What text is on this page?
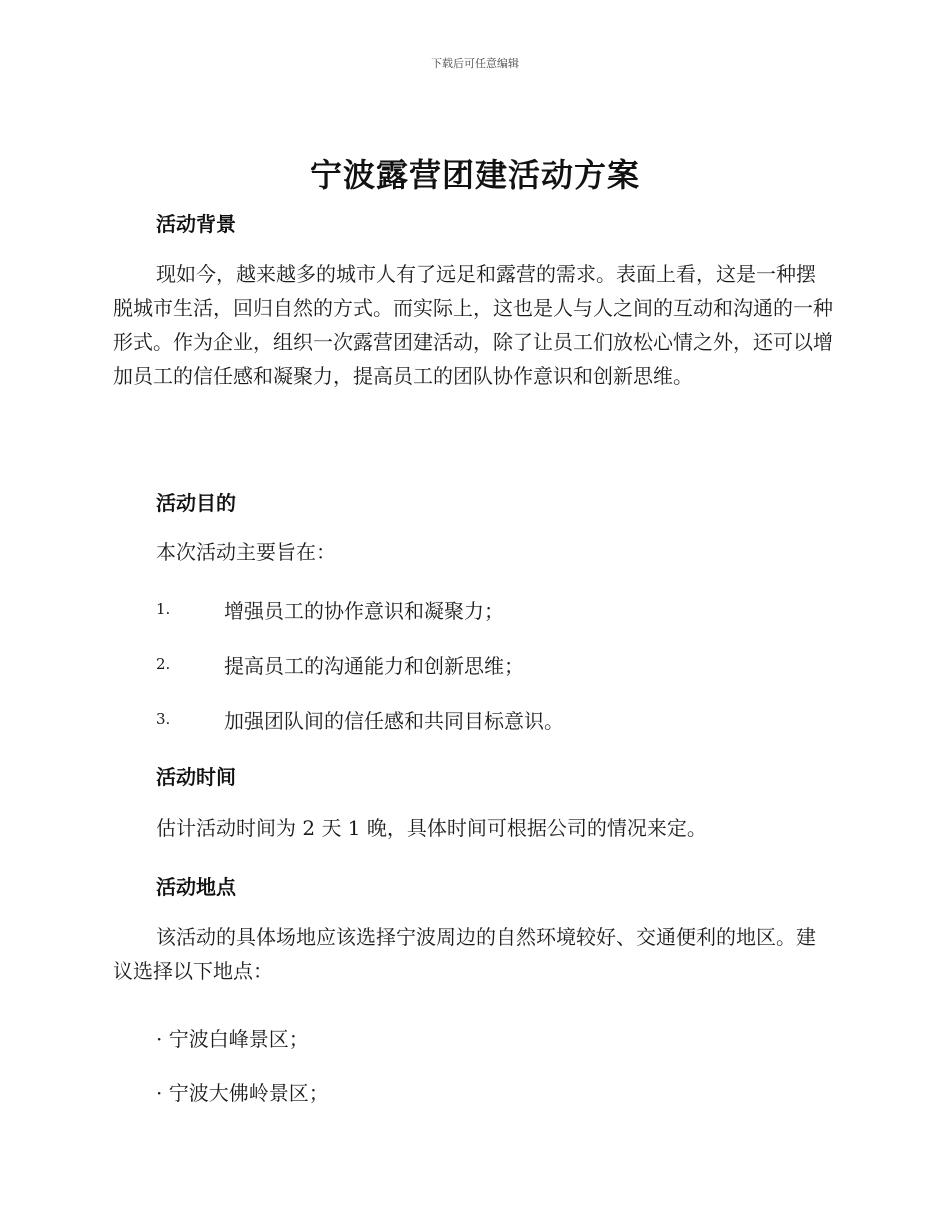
下载后可任意编辑
宁波露营团建活动方案
活动背景
现如今，越来越多的城市人有了远足和露营的需求。表面上看，这是一种摆脱城市生活，回归自然的方式。而实际上，这也是人与人之间的互动和沟通的一种形式。作为企业，组织一次露营团建活动，除了让员工们放松心情之外，还可以增加员工的信任感和凝聚力，提高员工的团队协作意识和创新思维。
活动目的
本次活动主要旨在：
1.	增强员工的协作意识和凝聚力；
2.	提高员工的沟通能力和创新思维；
3.	加强团队间的信任感和共同目标意识。
活动时间
估计活动时间为 2 天 1 晚，具体时间可根据公司的情况来定。
活动地点
该活动的具体场地应该选择宁波周边的自然环境较好、交通便利的地区。建议选择以下地点：
· 宁波白峰景区；
· 宁波大佛岭景区；
